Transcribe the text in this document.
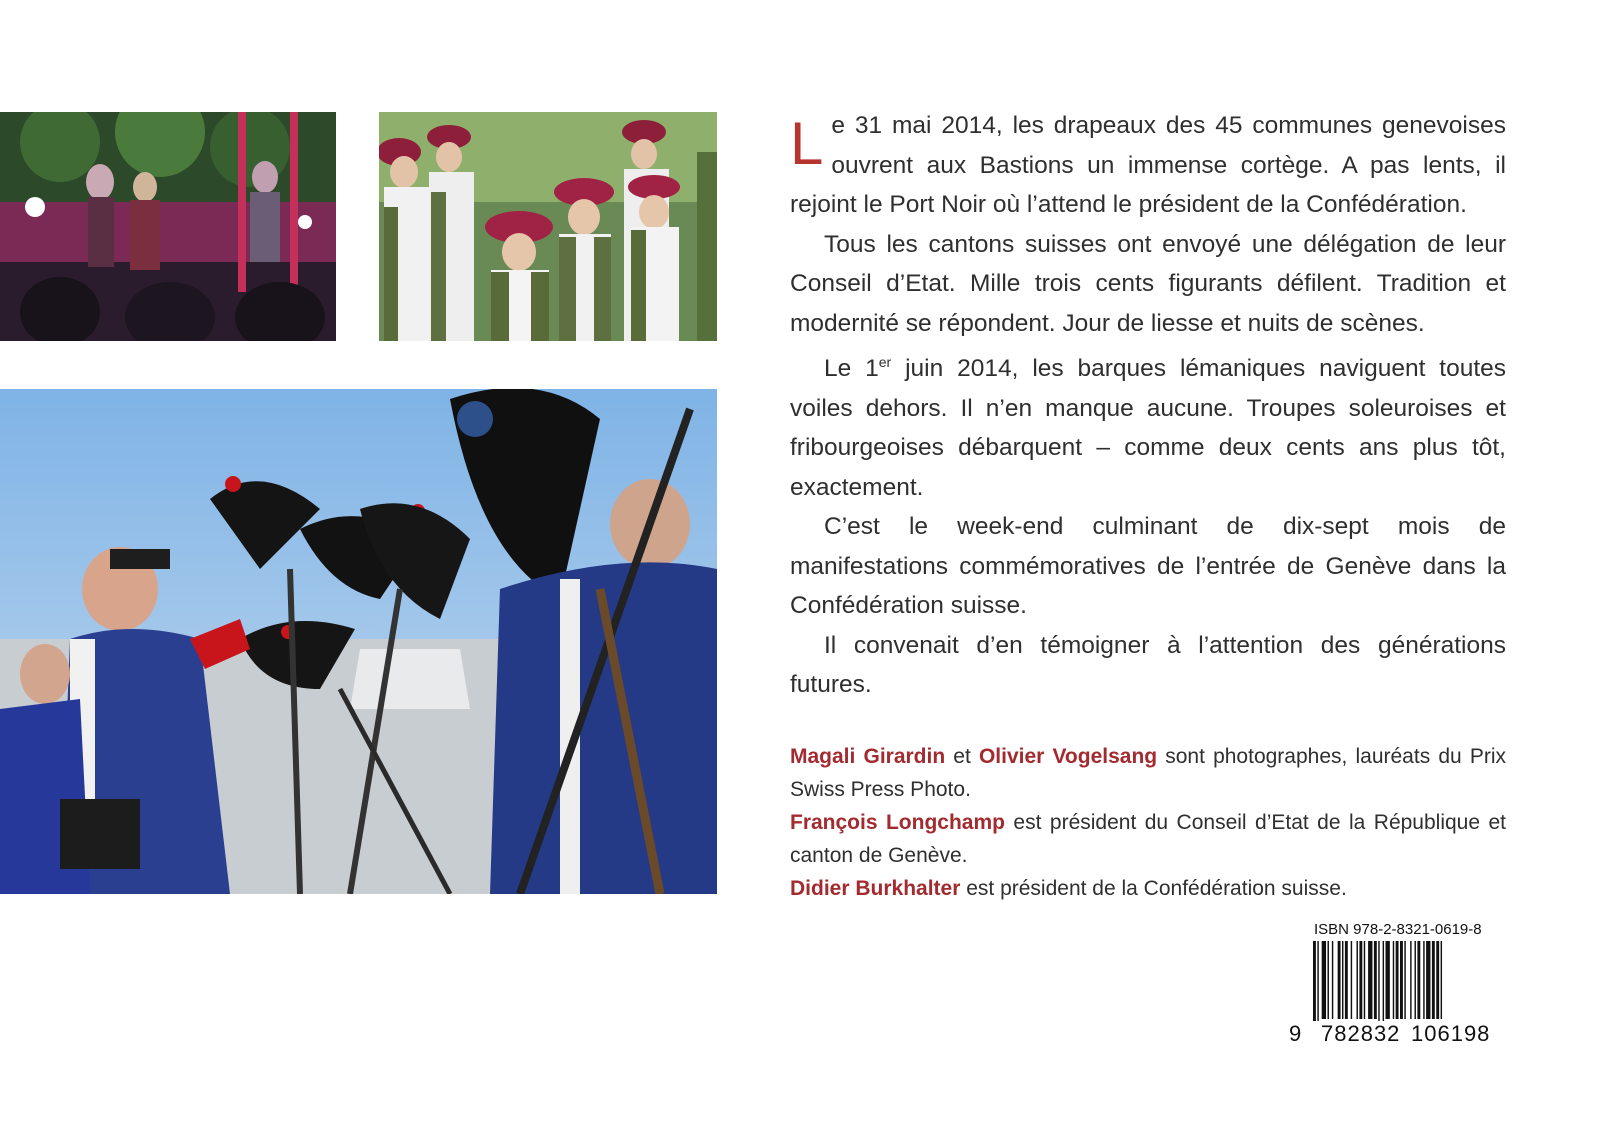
Le 31 mai 2014, les drapeaux des 45 communes genevoises ouvrent aux Bastions un immense cortège. A pas lents, il rejoint le Port Noir où l’attend le président de la Confédération.

Tous les cantons suisses ont envoyé une délégation de leur Conseil d’Etat. Mille trois cents figurants défilent. Tradition et modernité se répondent. Jour de liesse et nuits de scènes.

Le 1er juin 2014, les barques lémaniques naviguent toutes voiles dehors. Il n’en manque aucune. Troupes soleuroises et fribourgeoises débarquent – comme deux cents ans plus tôt, exactement.

C’est le week-end culminant de dix-sept mois de manifestations commémoratives de l’entrée de Genève dans la Confédération suisse.

Il convenait d’en témoigner à l’attention des générations futures.

Magali Girardin et Olivier Vogelsang sont photographes, lauréats du Prix Swiss Press Photo.

François Longchamp est président du Conseil d’Etat de la République et canton de Genève.

Didier Burkhalter est président de la Confédération suisse.

ISBN 978-2-8321-0619-8
9 782832 106198
